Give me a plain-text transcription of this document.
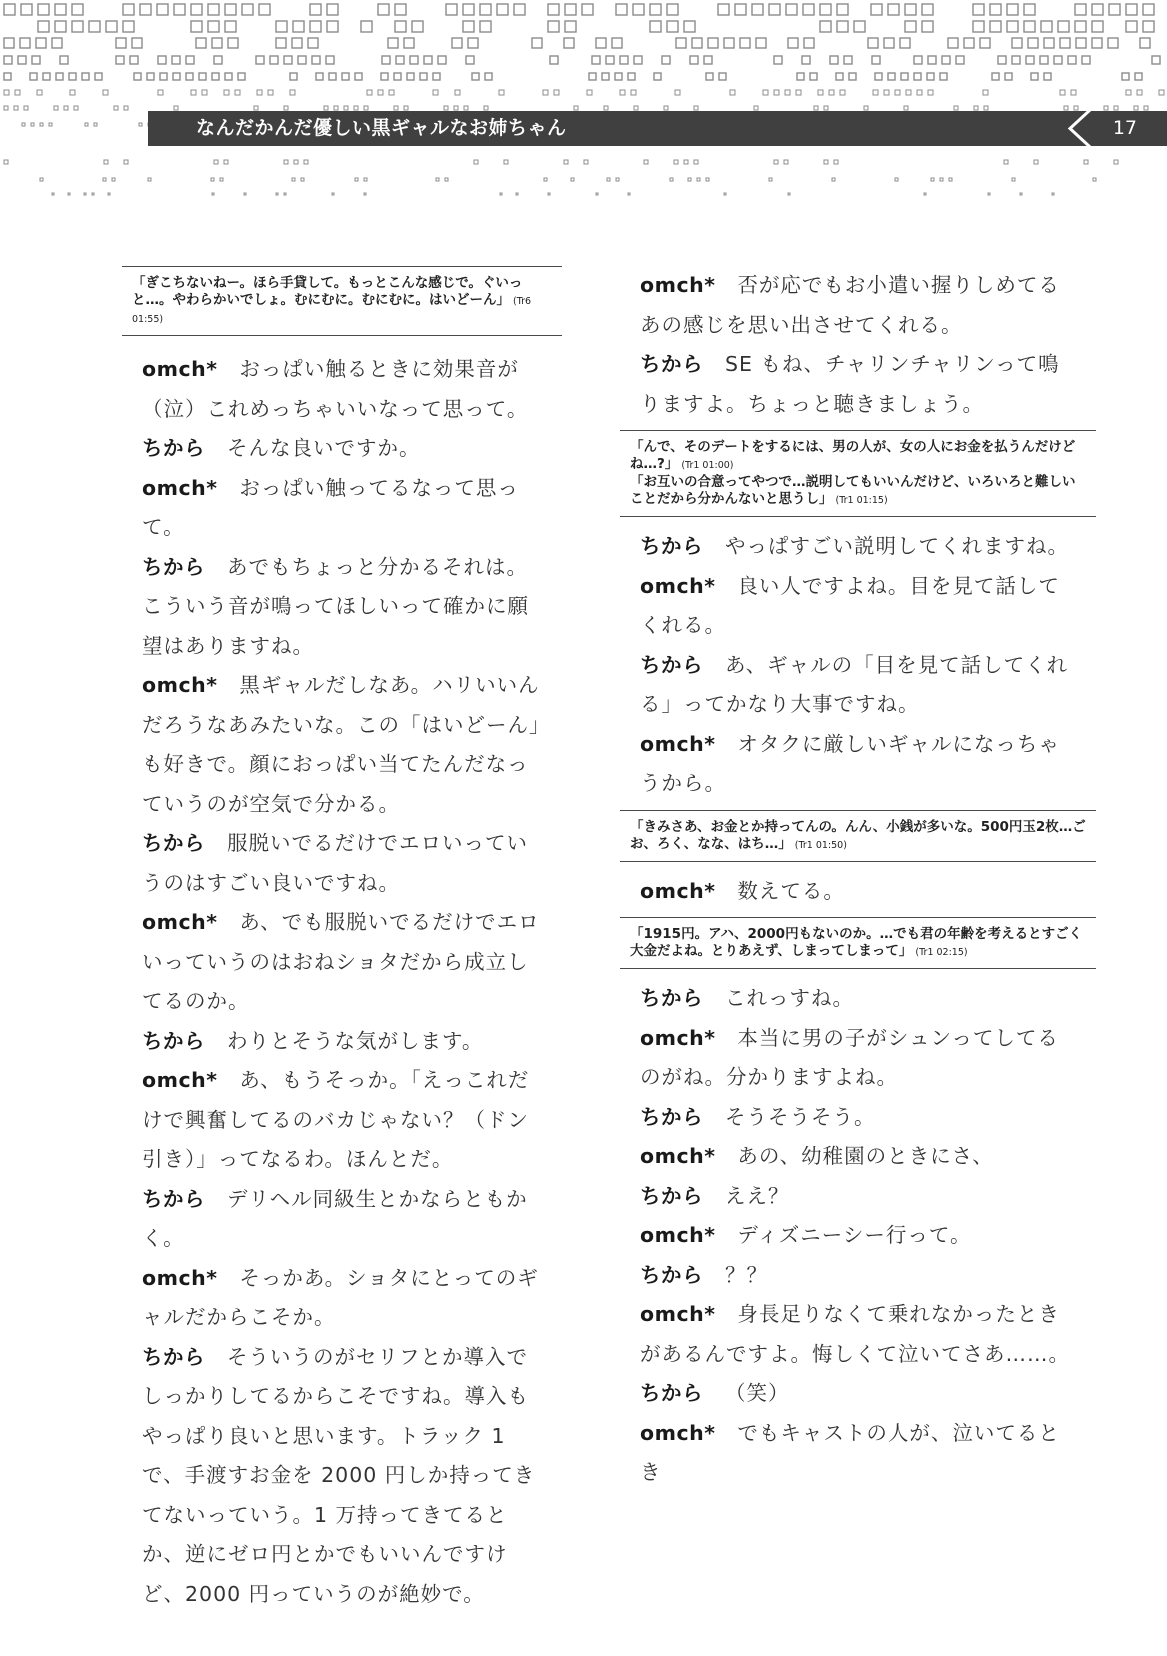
なんだかんだ優しい黒ギャルなお姉ちゃん	17
「ぎこちないねー。ほら手貸して。もっとこんな感じで。ぐいっと…。やわらかいでしょ。むにむに。むにむに。はいどーん」 (Tr6 01:55)

omch* おっぱい触るときに効果音が（泣）これめっちゃいいなって思って。

ちから そんな良いですか。

omch* おっぱい触ってるなって思って。

ちから あでもちょっと分かるそれは。こういう音が鳴ってほしいって確かに願望はありますね。

omch* 黒ギャルだしなあ。ハリいいんだろうなあみたいな。この「はいどーん」も好きで。顔におっぱい当てたんだなっていうのが空気で分かる。

ちから 服脱いでるだけでエロいっていうのはすごい良いですね。

omch* あ、でも服脱いでるだけでエロいっていうのはおねショタだから成立してるのか。

ちから わりとそうな気がします。

omch* あ、もうそっか。「えっこれだけで興奮してるのバカじゃない？（ドン引き）」ってなるわ。ほんとだ。

ちから デリヘル同級生とかならともかく。

omch* そっかあ。ショタにとってのギャルだからこそか。

ちから そういうのがセリフとか導入でしっかりしてるからこそですね。導入もやっぱり良いと思います。トラック 1 で、手渡すお金を 2000 円しか持ってきてないっていう。1 万持ってきてるとか、逆にゼロ円とかでもいいんですけど、2000 円っていうのが絶妙で。

omch* 否が応でもお小遣い握りしめてるあの感じを思い出させてくれる。

ちから SE もね、チャリンチャリンって鳴りますよ。ちょっと聴きましょう。

「んで、そのデートをするには、男の人が、女の人にお金を払うんだけどね…?」 (Tr1 01:00)
「お互いの合意ってやつで…説明してもいいんだけど、いろいろと難しいことだから分かんないと思うし」 (Tr1 01:15)

ちから やっぱすごい説明してくれますね。

omch* 良い人ですよね。目を見て話してくれる。

ちから あ、ギャルの「目を見て話してくれる」ってかなり大事ですね。

omch* オタクに厳しいギャルになっちゃうから。

「きみさあ、お金とか持ってんの。んん、小銭が多いな。500円玉2枚…ごお、ろく、なな、はち…」 (Tr1 01:50)

omch* 数えてる。

「1915円。アハ、2000円もないのか。…でも君の年齢を考えるとすごく大金だよね。とりあえず、しまってしまって」 (Tr1 02:15)

ちから これっすね。

omch* 本当に男の子がシュンってしてるのがね。分かりますよね。

ちから そうそうそう。

omch* あの、幼稚園のときにさ、

ちから ええ？

omch* ディズニーシー行って。

ちから ？？

omch* 身長足りなくて乗れなかったときがあるんですよ。悔しくて泣いてさあ……。

ちから （笑）

omch* でもキャストの人が、泣いてるとき
